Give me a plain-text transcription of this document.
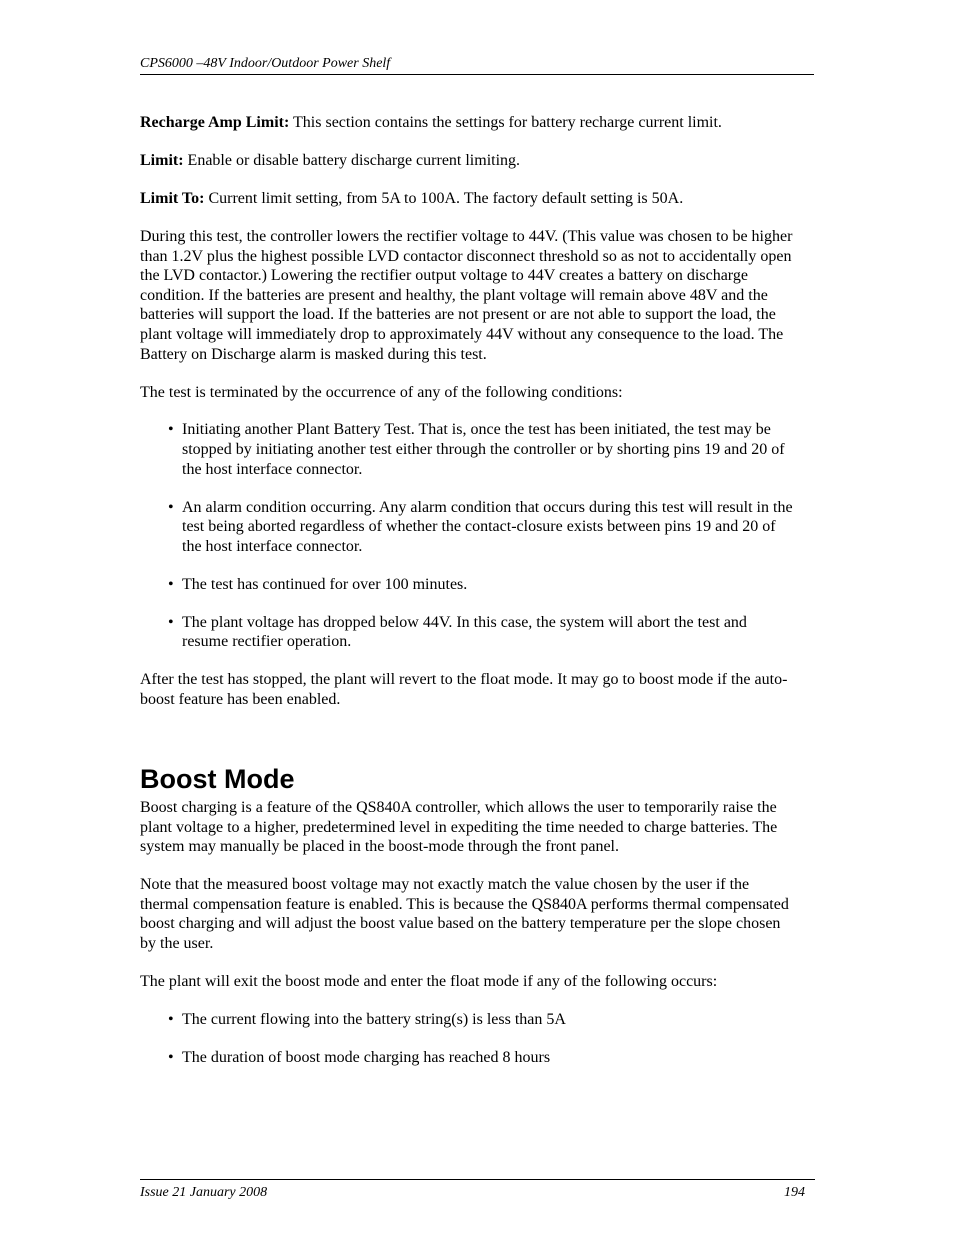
CPS6000 –48V Indoor/Outdoor Power Shelf

Recharge Amp Limit: This section contains the settings for battery recharge current limit.

Limit: Enable or disable battery discharge current limiting.

Limit To: Current limit setting, from 5A to 100A. The factory default setting is 50A.

During this test, the controller lowers the rectifier voltage to 44V. (This value was chosen to be higher than 1.2V plus the highest possible LVD contactor disconnect threshold so as not to accidentally open the LVD contactor.) Lowering the rectifier output voltage to 44V creates a battery on discharge condition. If the batteries are present and healthy, the plant voltage will remain above 48V and the batteries will support the load. If the batteries are not present or are not able to support the load, the plant voltage will immediately drop to approximately 44V without any consequence to the load. The Battery on Discharge alarm is masked during this test.

The test is terminated by the occurrence of any of the following conditions:

• Initiating another Plant Battery Test. That is, once the test has been initiated, the test may be stopped by initiating another test either through the controller or by shorting pins 19 and 20 of the host interface connector.
• An alarm condition occurring. Any alarm condition that occurs during this test will result in the test being aborted regardless of whether the contact-closure exists between pins 19 and 20 of the host interface connector.
• The test has continued for over 100 minutes.
• The plant voltage has dropped below 44V. In this case, the system will abort the test and resume rectifier operation.

After the test has stopped, the plant will revert to the float mode. It may go to boost mode if the auto-boost feature has been enabled.

Boost Mode

Boost charging is a feature of the QS840A controller, which allows the user to temporarily raise the plant voltage to a higher, predetermined level in expediting the time needed to charge batteries. The system may manually be placed in the boost-mode through the front panel.

Note that the measured boost voltage may not exactly match the value chosen by the user if the thermal compensation feature is enabled. This is because the QS840A performs thermal compensated boost charging and will adjust the boost value based on the battery temperature per the slope chosen by the user.

The plant will exit the boost mode and enter the float mode if any of the following occurs:

• The current flowing into the battery string(s) is less than 5A
• The duration of boost mode charging has reached 8 hours
Issue 21 January 2008	194
